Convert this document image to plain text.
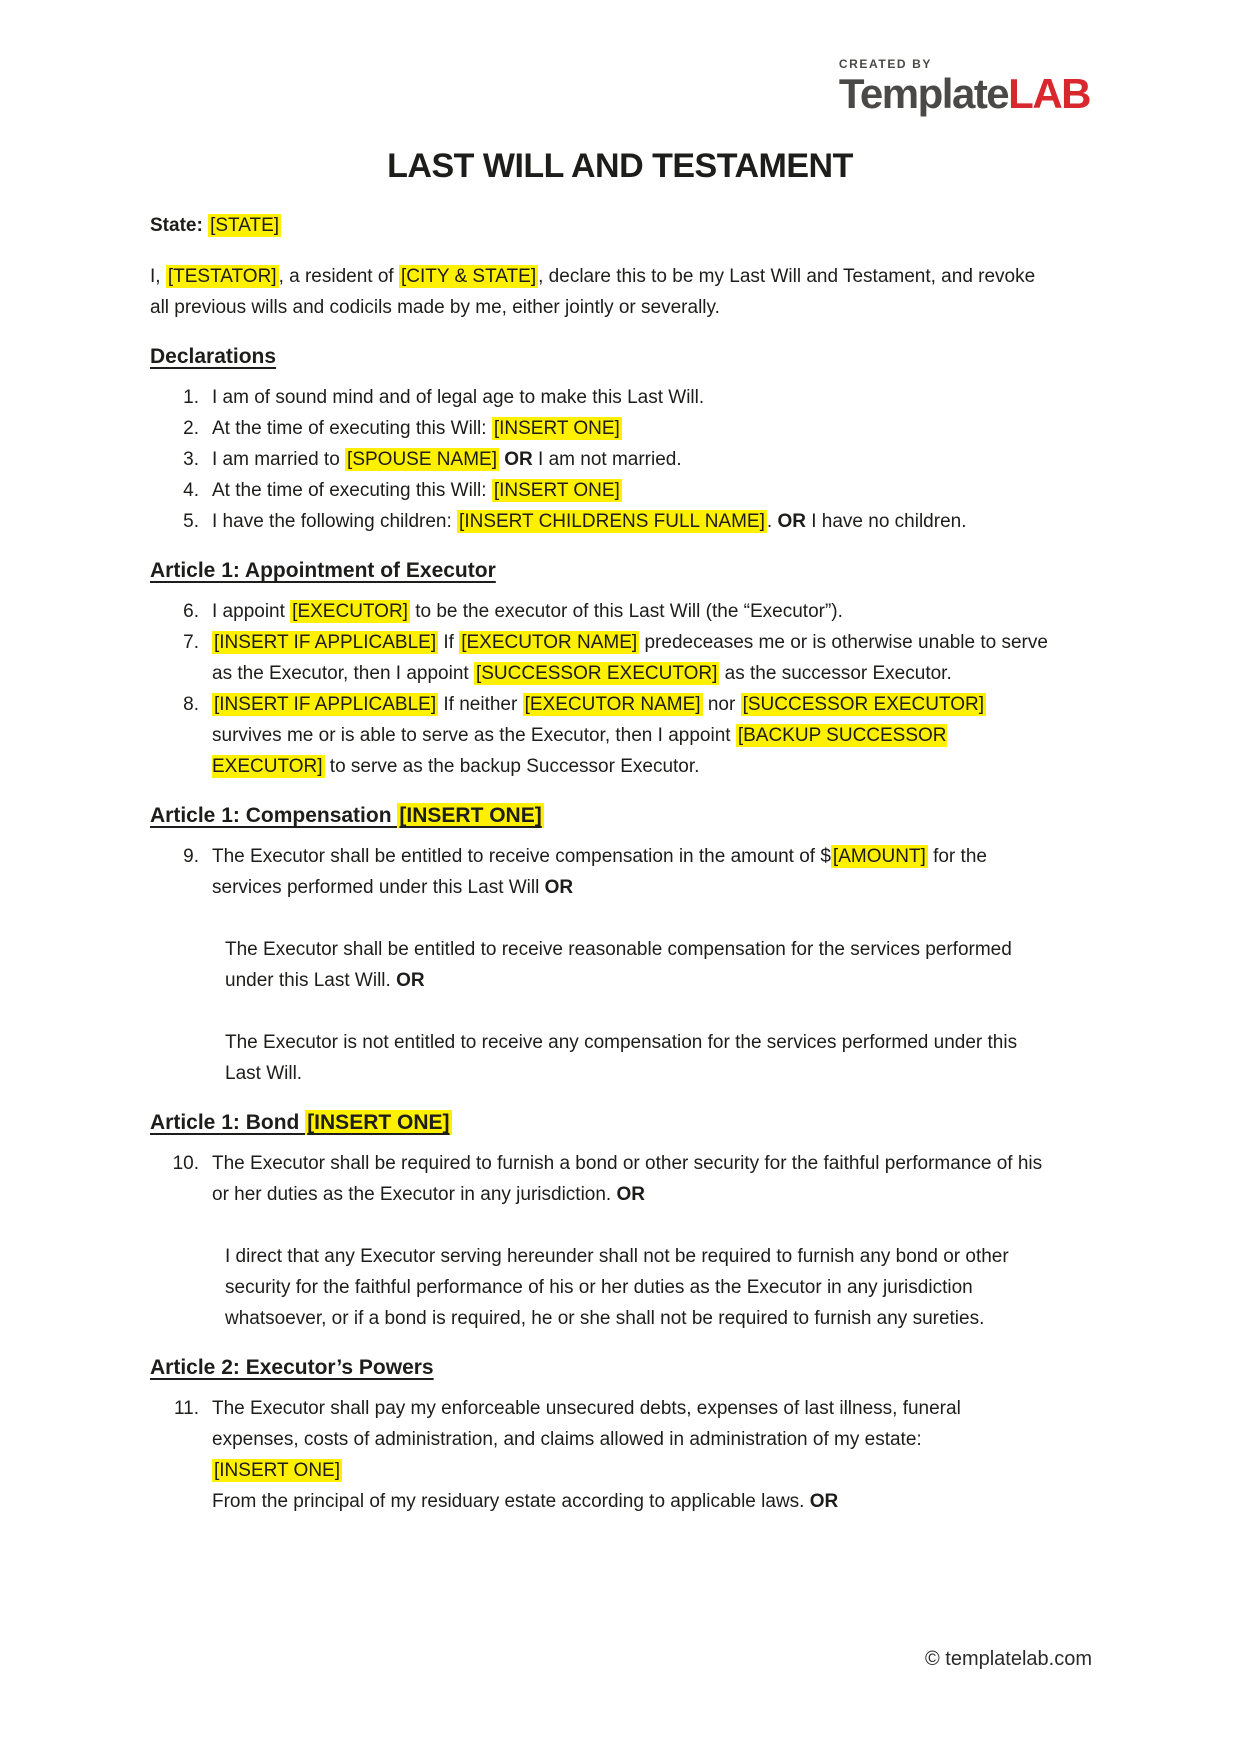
CREATED BY
TemplateLAB
LAST WILL AND TESTAMENT

State: [STATE]

I, [TESTATOR] , a resident of [CITY & STATE] , declare this to be my Last Will and Testament, and revoke all previous wills and codicils made by me, either jointly or severally.

Declarations
1. I am of sound mind and of legal age to make this Last Will.
2. At the time of executing this Will: [INSERT ONE]
3. I am married to [SPOUSE NAME] OR I am not married.
4. At the time of executing this Will: [INSERT ONE]
5. I have the following children: [INSERT CHILDRENS FULL NAME] . OR I have no children.
Article 1: Appointment of Executor
6. I appoint [EXECUTOR] to be the executor of this Last Will (the “Executor”).
7. [INSERT IF APPLICABLE] If [EXECUTOR NAME] predeceases me or is otherwise unable to serve as the Executor, then I appoint [SUCCESSOR EXECUTOR] as the successor Executor.
8. [INSERT IF APPLICABLE] If neither [EXECUTOR NAME] nor [SUCCESSOR EXECUTOR] survives me or is able to serve as the Executor, then I appoint [BACKUP SUCCESSOR EXECUTOR] to serve as the backup Successor Executor.
Article 1: Compensation [INSERT ONE]
9. The Executor shall be entitled to receive compensation in the amount of $ [AMOUNT] for the services performed under this Last Will OR

The Executor shall be entitled to receive reasonable compensation for the services performed under this Last Will. OR

The Executor is not entitled to receive any compensation for the services performed under this Last Will.

Article 1: Bond [INSERT ONE]
10. The Executor shall be required to furnish a bond or other security for the faithful performance of his or her duties as the Executor in any jurisdiction. OR

I direct that any Executor serving hereunder shall not be required to furnish any bond or other security for the faithful performance of his or her duties as the Executor in any jurisdiction whatsoever, or if a bond is required, he or she shall not be required to furnish any sureties.

Article 2: Executor’s Powers
11. The Executor shall pay my enforceable unsecured debts, expenses of last illness, funeral expenses, costs of administration, and claims allowed in administration of my estate:
[INSERT ONE]
From the principal of my residuary estate according to applicable laws. OR
© templatelab.com
